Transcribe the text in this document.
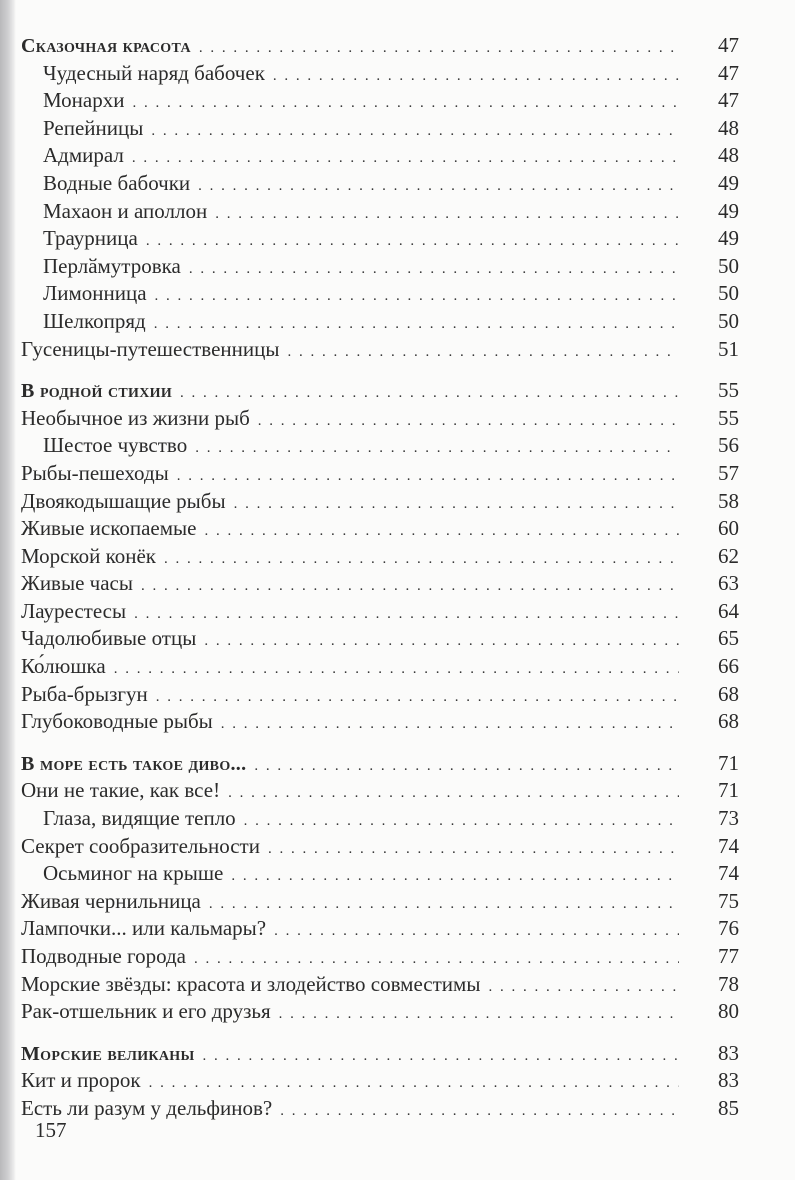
Сказочная красота . . .	47
Чудесный наряд бабочек . . .	47
Монархи . . .	47
Репейницы . . .	48
Адмирал . . .	48
Водные бабочки . . .	49
Махаон и аполлон . . .	49
Траурница . . .	49
Перлӑмутровка . . .	50
Лимонница . . .	50
Шелкопряд . . .	50
Гусеницы-путешественницы . . .	51
В родной стихии . . .	55
Необычное из жизни рыб . . .	55
Шестое чувство . . .	56
Рыбы-пешеходы . . .	57
Двоякодышащие рыбы . . .	58
Живые ископаемые . . .	60
Морской конёк . . .	62
Живые часы . . .	63
Лаурестесы . . .	64
Чадолюбивые отцы . . .	65
Ко́люшка . . .	66
Рыба-брызгун . . .	68
Глубоководные рыбы . . .	68
В море есть такое диво... . . .	71
Они не такие, как все! . . .	71
Глаза, видящие тепло . . .	73
Секрет сообразительности . . .	74
Осьминог на крыше . . .	74
Живая чернильница . . .	75
Лампочки... или кальмары? . . .	76
Подводные города . . .	77
Морские звёзды: красота и злодейство совместимы . . .	78
Рак-отшельник и его друзья . . .	80
Морские великаны . . .	83
Кит и пророк . . .	83
Есть ли разум у дельфинов? . . .	85
157
